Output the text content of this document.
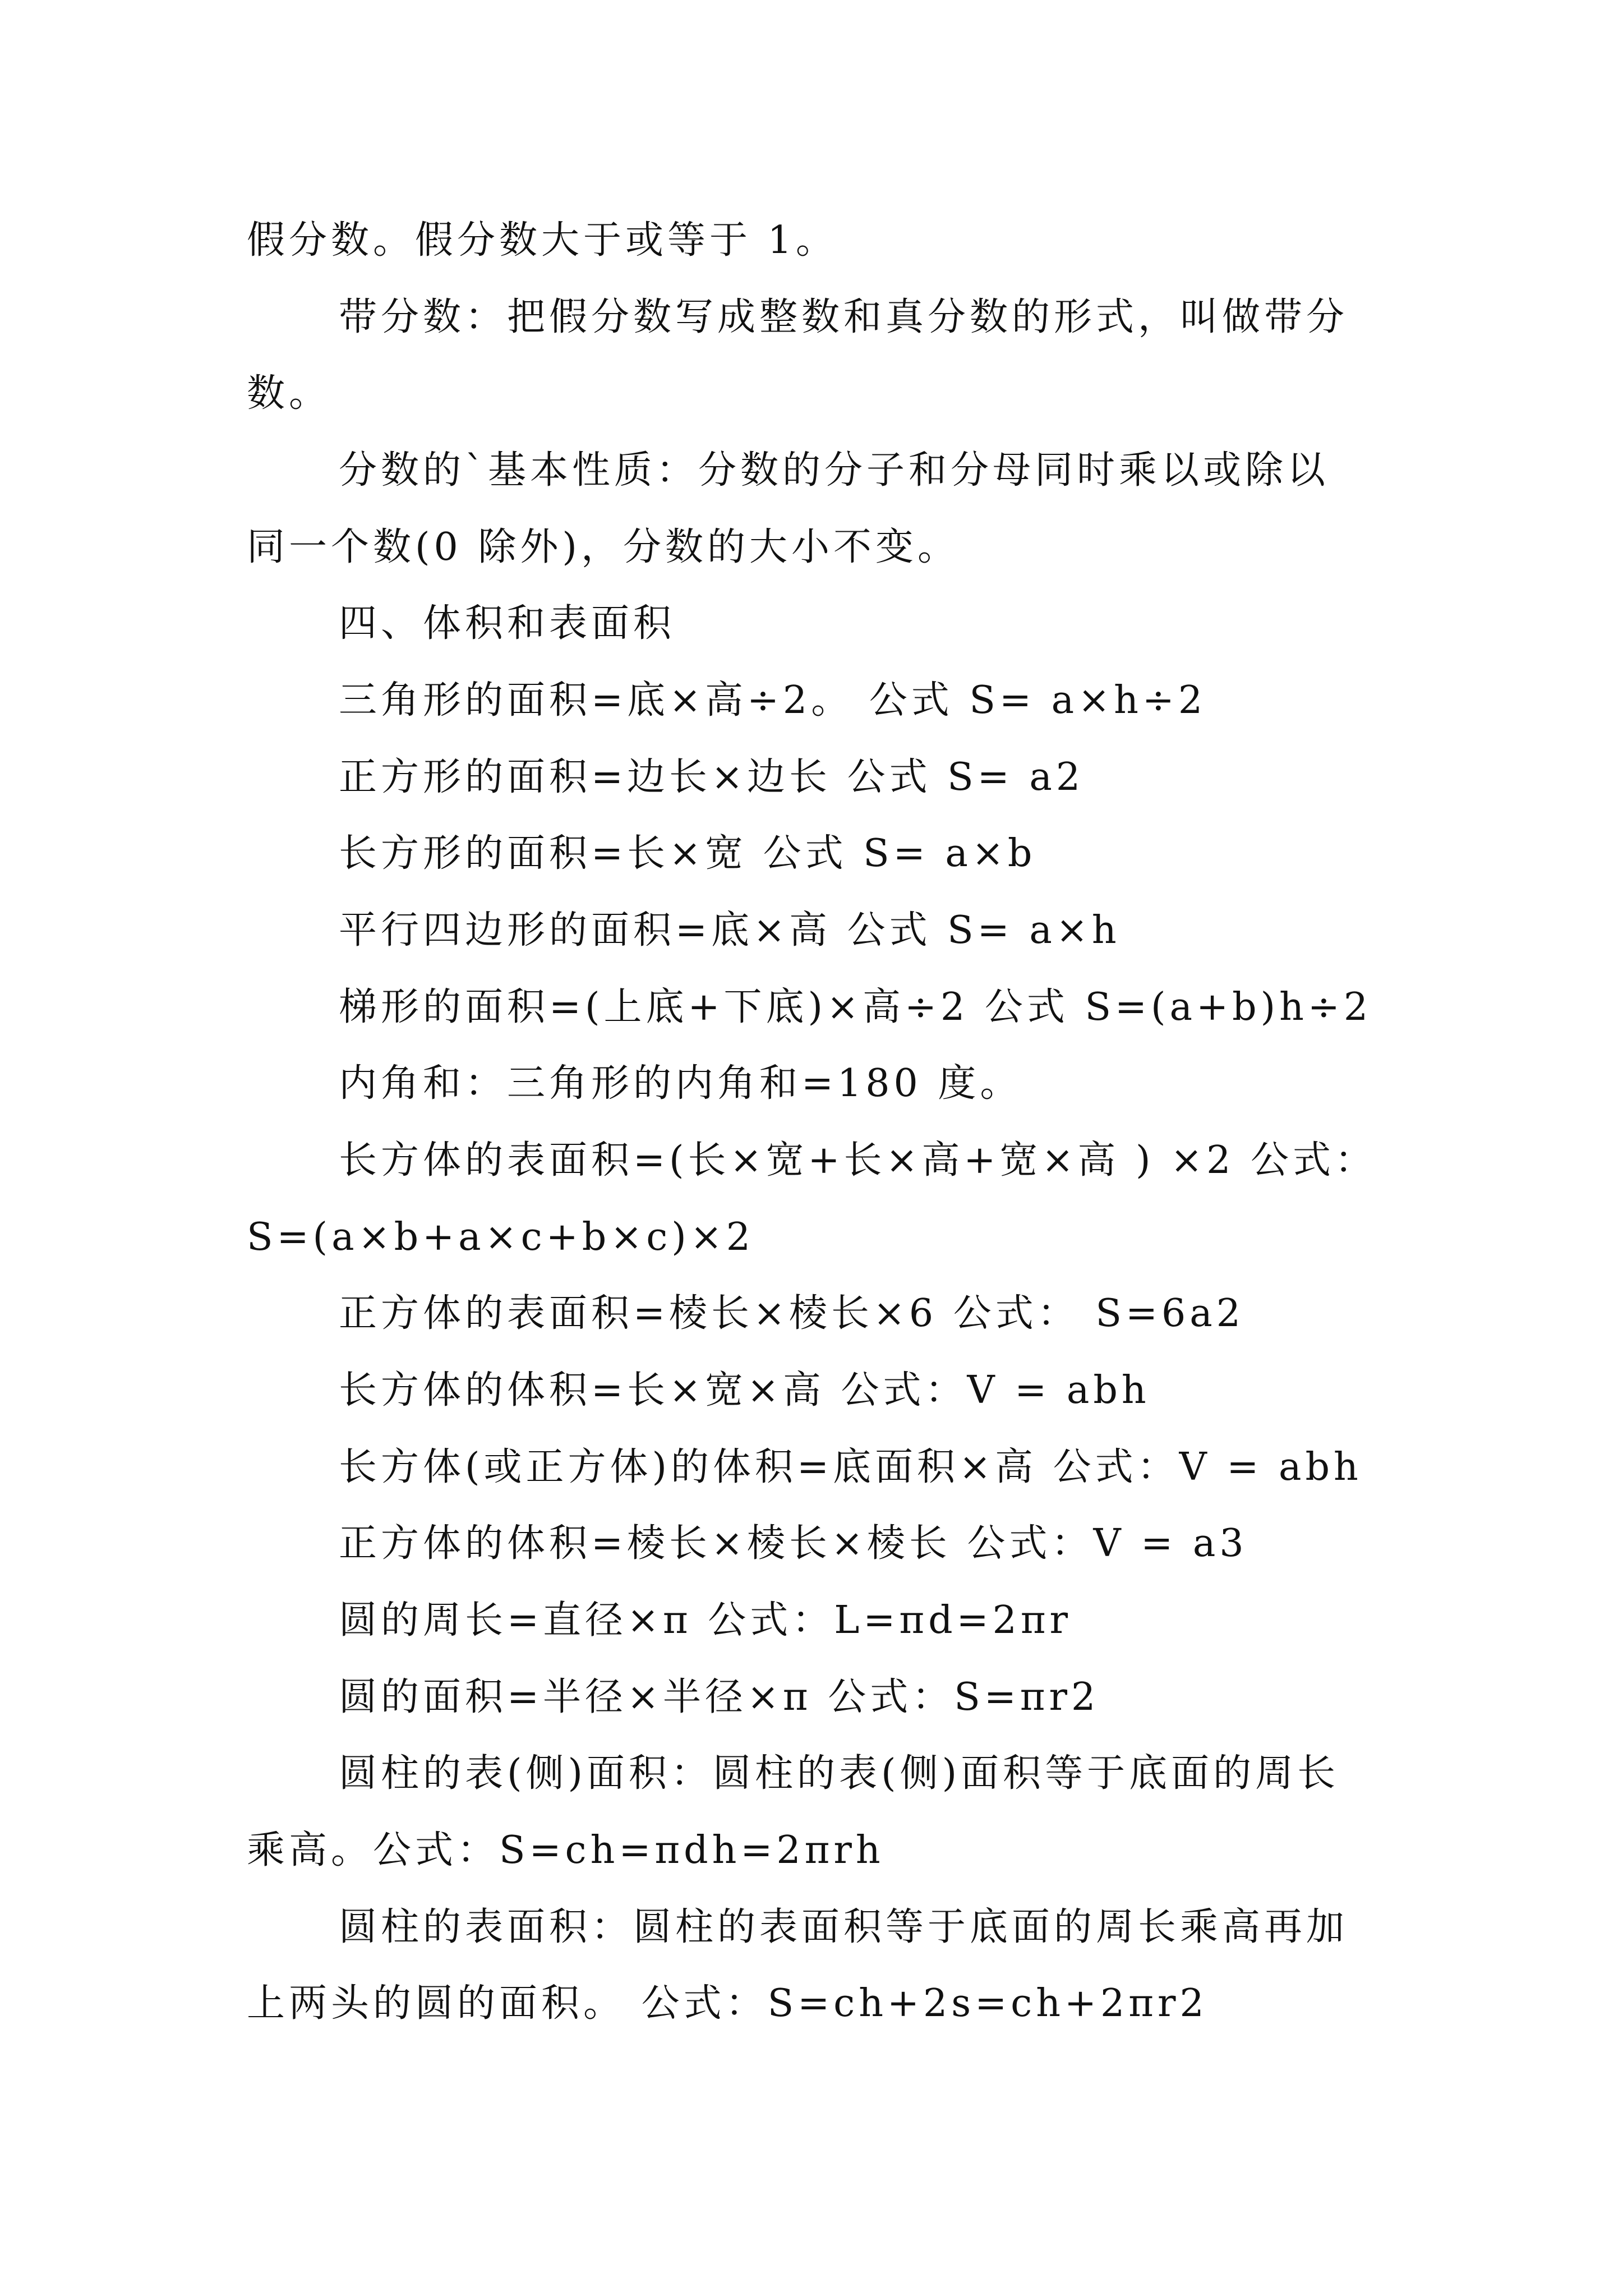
假分数。假分数大于或等于 1。
带分数：把假分数写成整数和真分数的形式，叫做带分
数。
分数的`基本性质：分数的分子和分母同时乘以或除以
同一个数(0 除外)，分数的大小不变。
四、体积和表面积
三角形的面积=底×高÷2。 公式 S= a×h÷2
正方形的面积=边长×边长 公式 S= a2
长方形的面积=长×宽 公式 S= a×b
平行四边形的面积=底×高 公式 S= a×h
梯形的面积=(上底+下底)×高÷2 公式 S=(a+b)h÷2
内角和：三角形的内角和=180 度。
长方体的表面积=(长×宽+长×高+宽×高 ) ×2 公式：
S=(a×b+a×c+b×c)×2
正方体的表面积=棱长×棱长×6 公式： S=6a2
长方体的体积=长×宽×高 公式：V = abh
长方体(或正方体)的体积=底面积×高 公式：V = abh
正方体的体积=棱长×棱长×棱长 公式：V = a3
圆的周长=直径×π 公式：L=πd=2πr
圆的面积=半径×半径×π 公式：S=πr2
圆柱的表(侧)面积：圆柱的表(侧)面积等于底面的周长
乘高。公式：S=ch=πdh=2πrh
圆柱的表面积：圆柱的表面积等于底面的周长乘高再加
上两头的圆的面积。 公式：S=ch+2s=ch+2πr2
